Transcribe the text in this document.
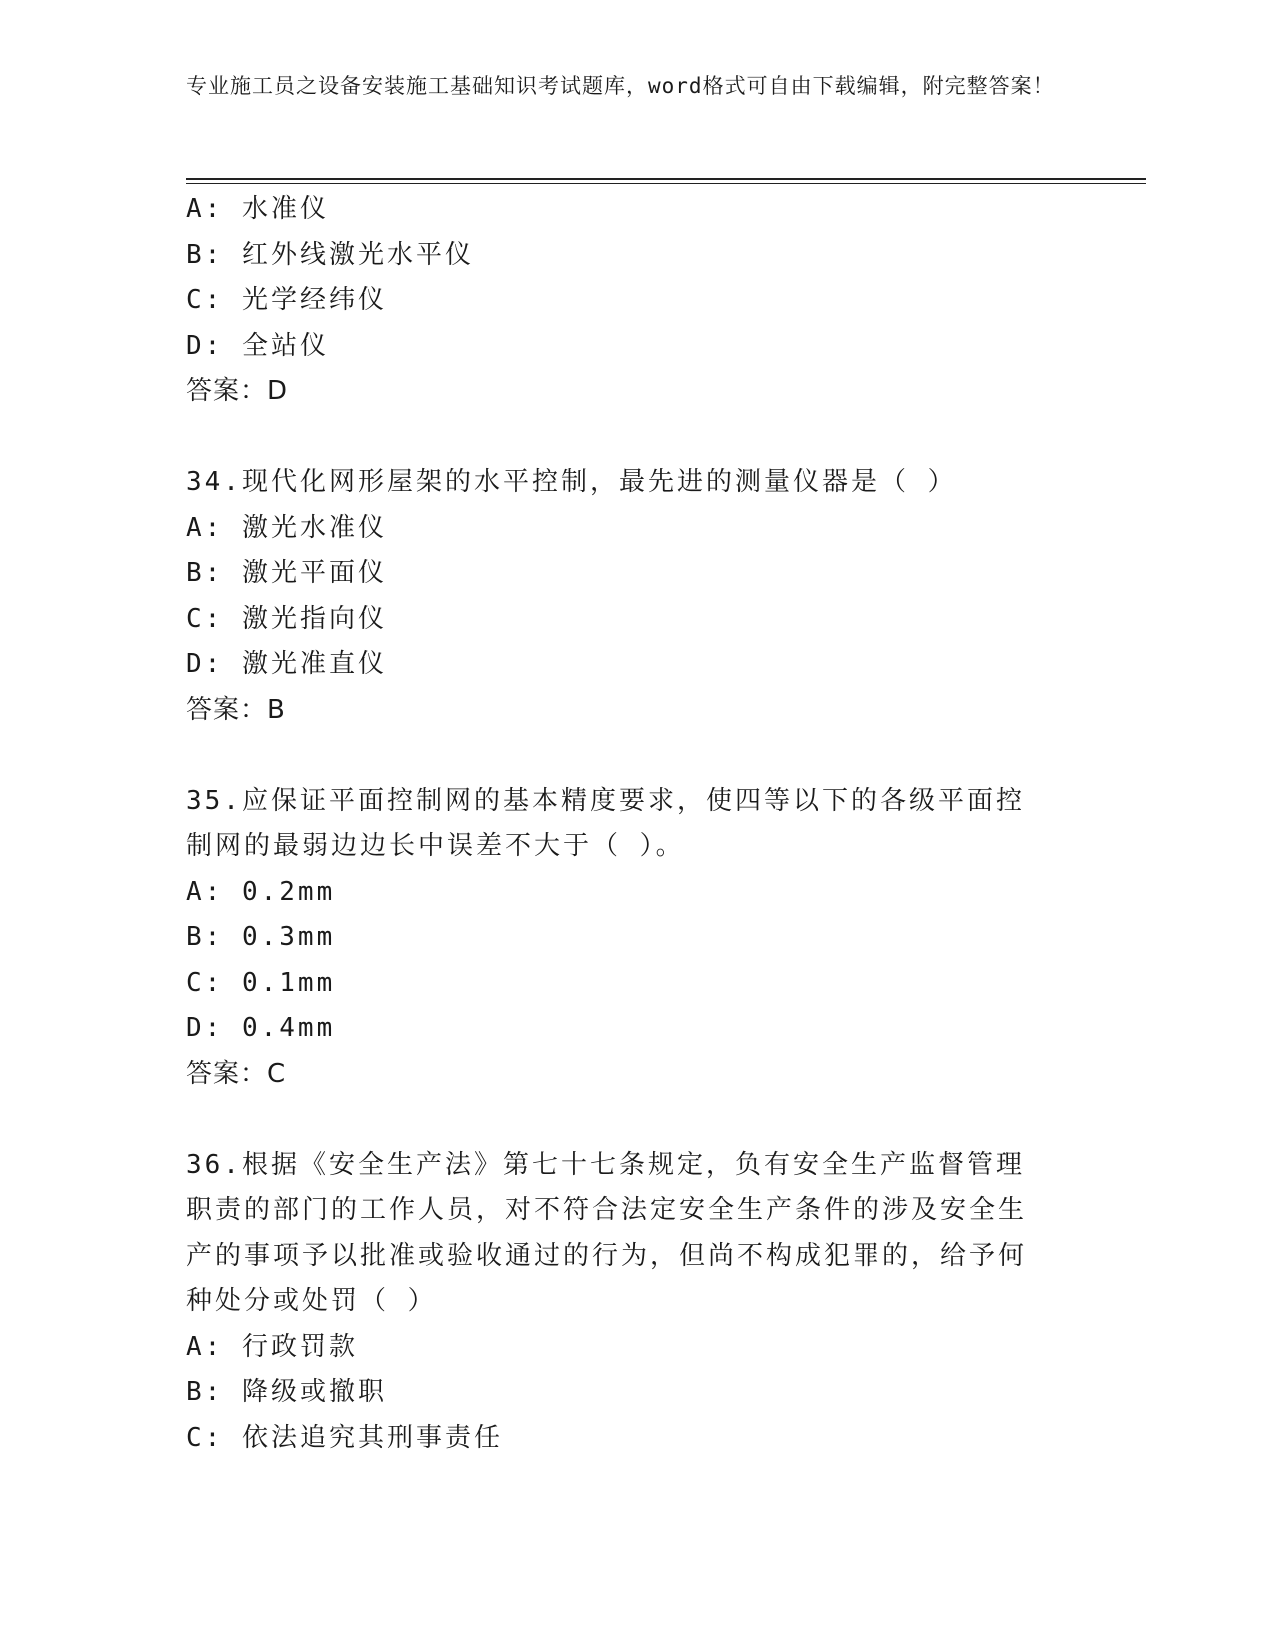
专业施工员之设备安装施工基础知识考试题库，word格式可自由下载编辑，附完整答案！
A: 水准仪
B: 红外线激光水平仪
C: 光学经纬仪
D: 全站仪
答案：D
34.现代化网形屋架的水平控制，最先进的测量仪器是（ ）
A: 激光水准仪
B: 激光平面仪
C: 激光指向仪
D: 激光准直仪
答案：B
35.应保证平面控制网的基本精度要求，使四等以下的各级平面控制网的最弱边边长中误差不大于（ ）。
A: 0.2mm
B: 0.3mm
C: 0.1mm
D: 0.4mm
答案：C
36.根据《安全生产法》第七十七条规定，负有安全生产监督管理职责的部门的工作人员，对不符合法定安全生产条件的涉及安全生产的事项予以批准或验收通过的行为，但尚不构成犯罪的，给予何种处分或处罚（ ）
A: 行政罚款
B: 降级或撤职
C: 依法追究其刑事责任
